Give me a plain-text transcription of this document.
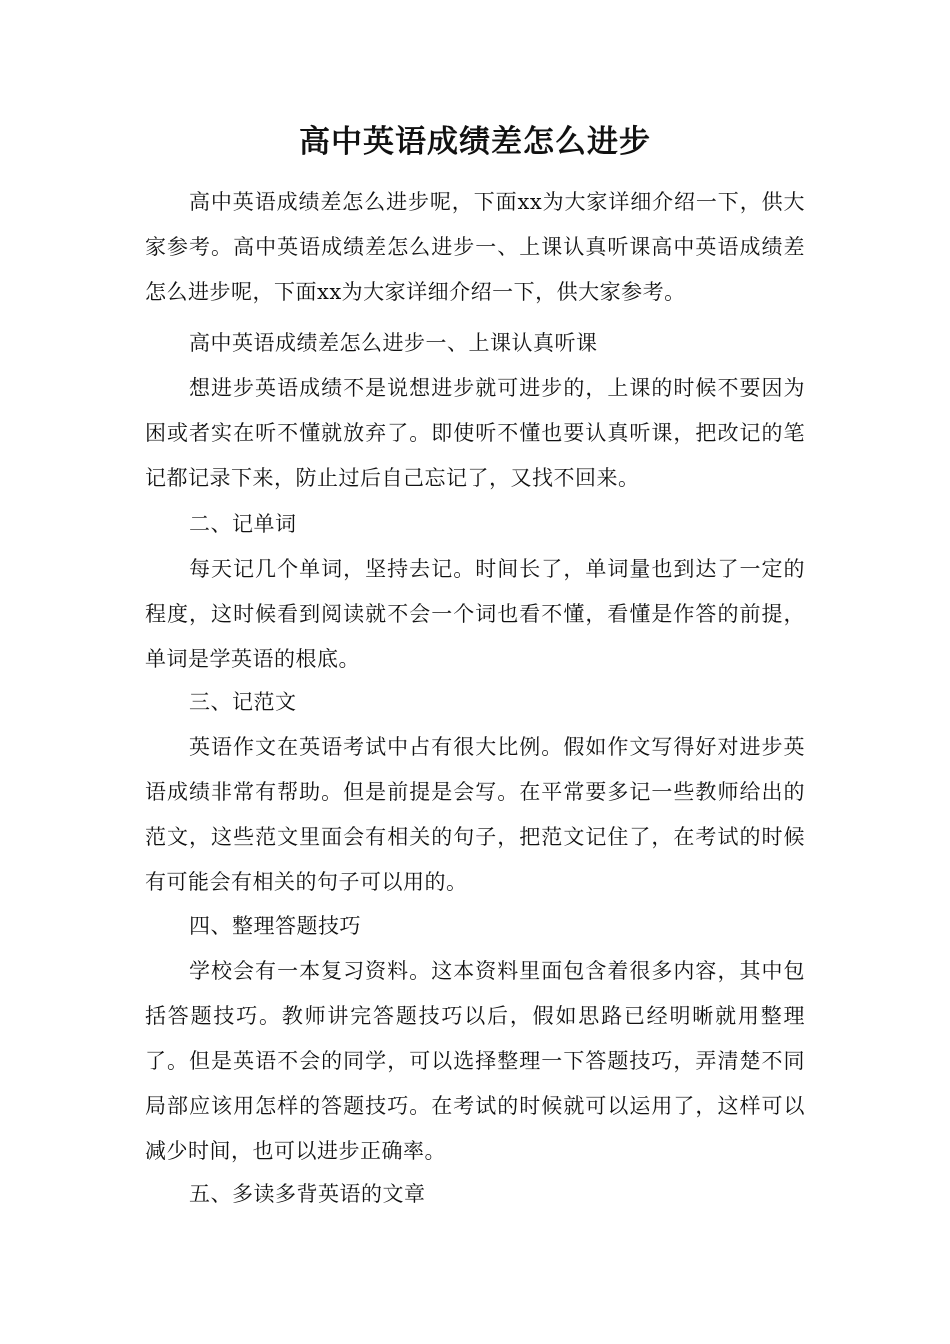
高中英语成绩差怎么进步

高中英语成绩差怎么进步呢，下面xx为大家详细介绍一下，供大家参考。高中英语成绩差怎么进步一、上课认真听课高中英语成绩差怎么进步呢，下面xx为大家详细介绍一下，供大家参考。

高中英语成绩差怎么进步一、上课认真听课

想进步英语成绩不是说想进步就可进步的，上课的时候不要因为困或者实在听不懂就放弃了。即使听不懂也要认真听课，把改记的笔记都记录下来，防止过后自己忘记了，又找不回来。

二、记单词

每天记几个单词，坚持去记。时间长了，单词量也到达了一定的程度，这时候看到阅读就不会一个词也看不懂，看懂是作答的前提，单词是学英语的根底。

三、记范文

英语作文在英语考试中占有很大比例。假如作文写得好对进步英语成绩非常有帮助。但是前提是会写。在平常要多记一些教师给出的范文，这些范文里面会有相关的句子，把范文记住了，在考试的时候有可能会有相关的句子可以用的。

四、整理答题技巧

学校会有一本复习资料。这本资料里面包含着很多内容，其中包括答题技巧。教师讲完答题技巧以后，假如思路已经明晰就用整理了。但是英语不会的同学，可以选择整理一下答题技巧，弄清楚不同局部应该用怎样的答题技巧。在考试的时候就可以运用了，这样可以减少时间，也可以进步正确率。

五、多读多背英语的文章
